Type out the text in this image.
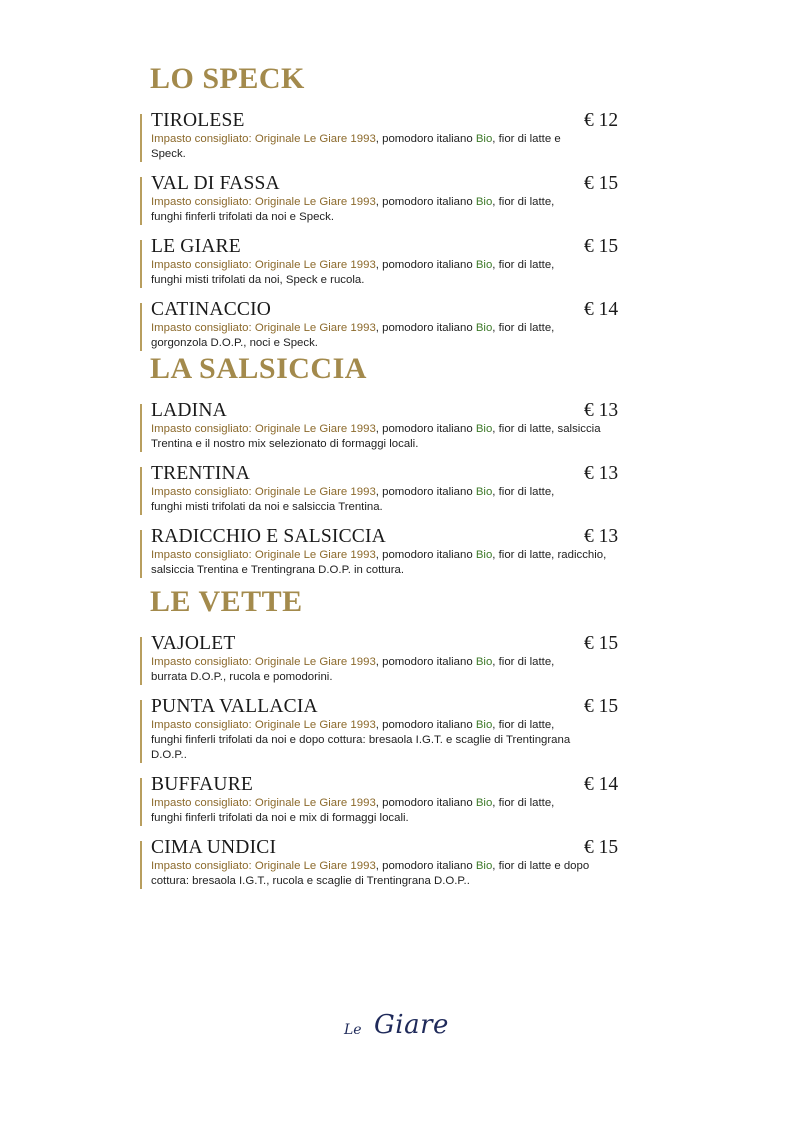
LO SPECK
TIROLESE	€ 12
Impasto consigliato: Originale Le Giare 1993, pomodoro italiano Bio, fior di latte e Speck.
VAL DI FASSA	€ 15
Impasto consigliato: Originale Le Giare 1993, pomodoro italiano Bio, fior di latte, funghi finferli trifolati da noi e Speck.
LE GIARE	€ 15
Impasto consigliato: Originale Le Giare 1993, pomodoro italiano Bio, fior di latte, funghi misti trifolati da noi, Speck e rucola.
CATINACCIO	€ 14
Impasto consigliato: Originale Le Giare 1993, pomodoro italiano Bio, fior di latte, gorgonzola D.O.P., noci e Speck.
LA SALSICCIA
LADINA	€ 13
Impasto consigliato: Originale Le Giare 1993, pomodoro italiano Bio, fior di latte, salsiccia Trentina e il nostro mix selezionato di formaggi locali.
TRENTINA	€ 13
Impasto consigliato: Originale Le Giare 1993, pomodoro italiano Bio, fior di latte, funghi misti trifolati da noi e salsiccia Trentina.
RADICCHIO E SALSICCIA	€ 13
Impasto consigliato: Originale Le Giare 1993, pomodoro italiano Bio, fior di latte, radicchio, salsiccia Trentina e Trentingrana D.O.P. in cottura.
LE VETTE
VAJOLET	€ 15
Impasto consigliato: Originale Le Giare 1993, pomodoro italiano Bio, fior di latte, burrata D.O.P., rucola e pomodorini.
PUNTA VALLACIA	€ 15
Impasto consigliato: Originale Le Giare 1993, pomodoro italiano Bio, fior di latte, funghi finferli trifolati da noi e dopo cottura: bresaola I.G.T. e scaglie di Trentingrana D.O.P..
BUFFAURE	€ 14
Impasto consigliato: Originale Le Giare 1993, pomodoro italiano Bio, fior di latte, funghi finferli trifolati da noi e mix di formaggi locali.
CIMA UNDICI	€ 15
Impasto consigliato: Originale Le Giare 1993, pomodoro italiano Bio, fior di latte e dopo cottura: bresaola I.G.T., rucola e scaglie di Trentingrana D.O.P..
Le Giare
